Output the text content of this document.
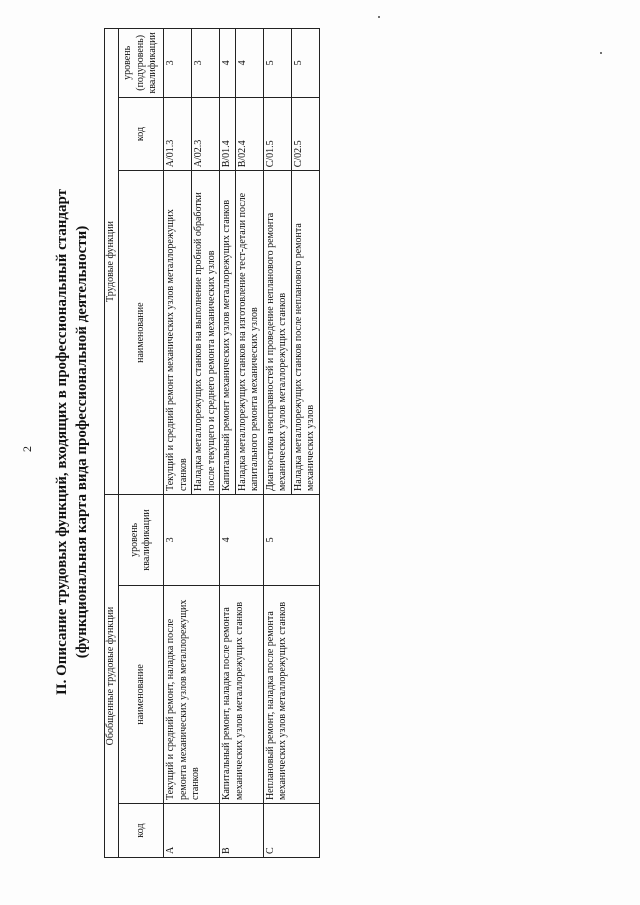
2 II. Описание трудовых функций, входящих в профессиональный стандарт (функциональная карта вида профессиональной деятельности)
Обобщенные трудовые функции			Трудовые функции		
код	наименование	уровень квалификации	наименование	код	уровень (подуровень) квалификации
A	Текущий и средний ремонт, наладка после ремонта механических узлов металлорежущих станков	3	Текущий и средний ремонт механических узлов металлорежущих станков	A/01.3	3
			Наладка металлорежущих станков на выполнение пробной обработки после текущего и среднего ремонта механических узлов	A/02.3	3
B	Капитальный ремонт, наладка после ремонта механических узлов металлорежущих станков	4	Капитальный ремонт механических узлов металлорежущих станков	B/01.4	4
			Наладка металлорежущих станков на изготовление тест-детали после капитального ремонта механических узлов	B/02.4	4
C	Неплановый ремонт, наладка после ремонта механических узлов металлорежущих станков	5	Диагностика неисправностей и проведение непланового ремонта механических узлов металлорежущих станков	C/01.5	5
			Наладка металлорежущих станков после непланового ремонта механических узлов	C/02.5	5
